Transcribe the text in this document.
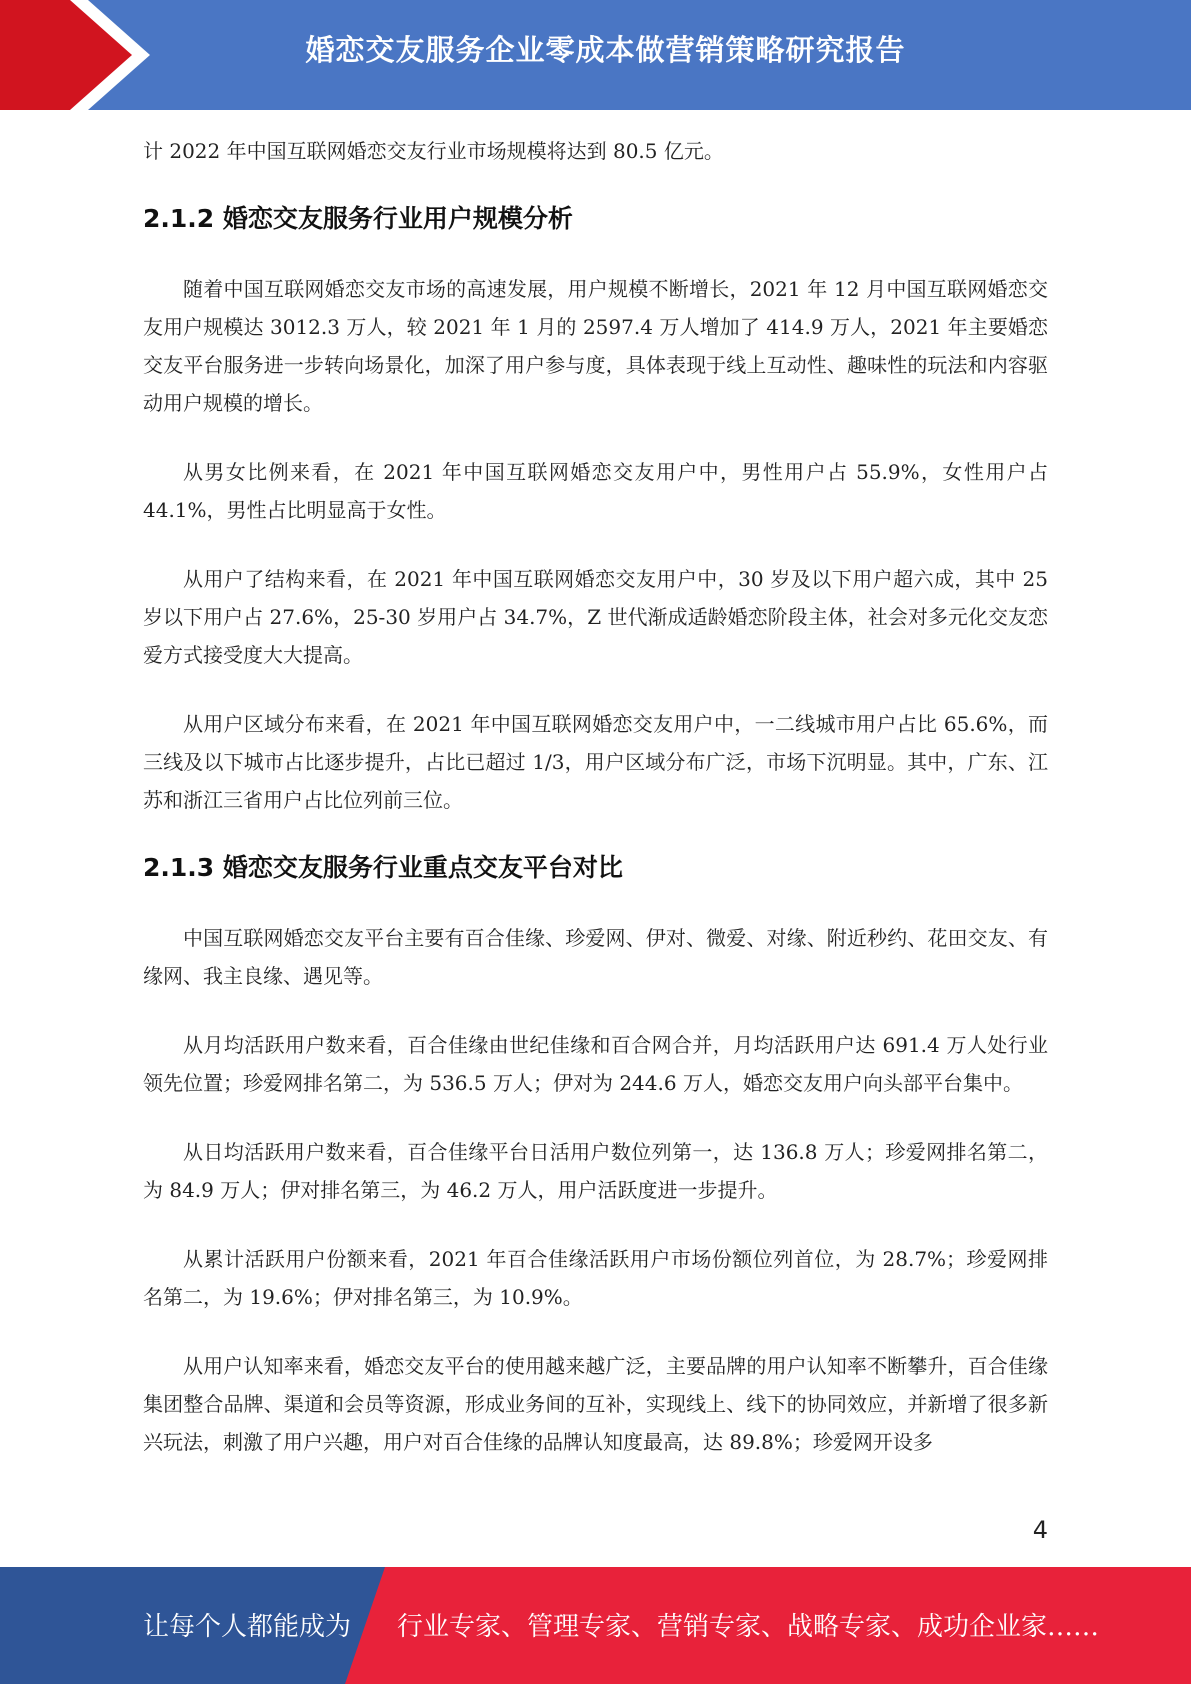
婚恋交友服务企业零成本做营销策略研究报告

计 2022 年中国互联网婚恋交友行业市场规模将达到 80.5 亿元。

2.1.2 婚恋交友服务行业用户规模分析

随着中国互联网婚恋交友市场的高速发展，用户规模不断增长，2021 年 12 月中国互联网婚恋交友用户规模达 3012.3 万人，较 2021 年 1 月的 2597.4 万人增加了 414.9 万人，2021 年主要婚恋交友平台服务进一步转向场景化，加深了用户参与度，具体表现于线上互动性、趣味性的玩法和内容驱动用户规模的增长。

从男女比例来看，在 2021 年中国互联网婚恋交友用户中，男性用户占 55.9%，女性用户占 44.1%，男性占比明显高于女性。

从用户了结构来看，在 2021 年中国互联网婚恋交友用户中，30 岁及以下用户超六成，其中 25 岁以下用户占 27.6%，25-30 岁用户占 34.7%，Z 世代渐成适龄婚恋阶段主体，社会对多元化交友恋爱方式接受度大大提高。

从用户区域分布来看，在 2021 年中国互联网婚恋交友用户中，一二线城市用户占比 65.6%，而三线及以下城市占比逐步提升，占比已超过 1/3，用户区域分布广泛，市场下沉明显。其中，广东、江苏和浙江三省用户占比位列前三位。

2.1.3 婚恋交友服务行业重点交友平台对比

中国互联网婚恋交友平台主要有百合佳缘、珍爱网、伊对、微爱、对缘、附近秒约、花田交友、有缘网、我主良缘、遇见等。

从月均活跃用户数来看，百合佳缘由世纪佳缘和百合网合并，月均活跃用户达 691.4 万人处行业领先位置；珍爱网排名第二，为 536.5 万人；伊对为 244.6 万人，婚恋交友用户向头部平台集中。

从日均活跃用户数来看，百合佳缘平台日活用户数位列第一，达 136.8 万人；珍爱网排名第二，为 84.9 万人；伊对排名第三，为 46.2 万人，用户活跃度进一步提升。

从累计活跃用户份额来看，2021 年百合佳缘活跃用户市场份额位列首位，为 28.7%；珍爱网排名第二，为 19.6%；伊对排名第三，为 10.9%。

从用户认知率来看，婚恋交友平台的使用越来越广泛，主要品牌的用户认知率不断攀升，百合佳缘集团整合品牌、渠道和会员等资源，形成业务间的互补，实现线上、线下的协同效应，并新增了很多新兴玩法，刺激了用户兴趣，用户对百合佳缘的品牌认知度最高，达 89.8%；珍爱网开设多

4
让每个人都能成为 行业专家、管理专家、营销专家、战略专家、成功企业家……
